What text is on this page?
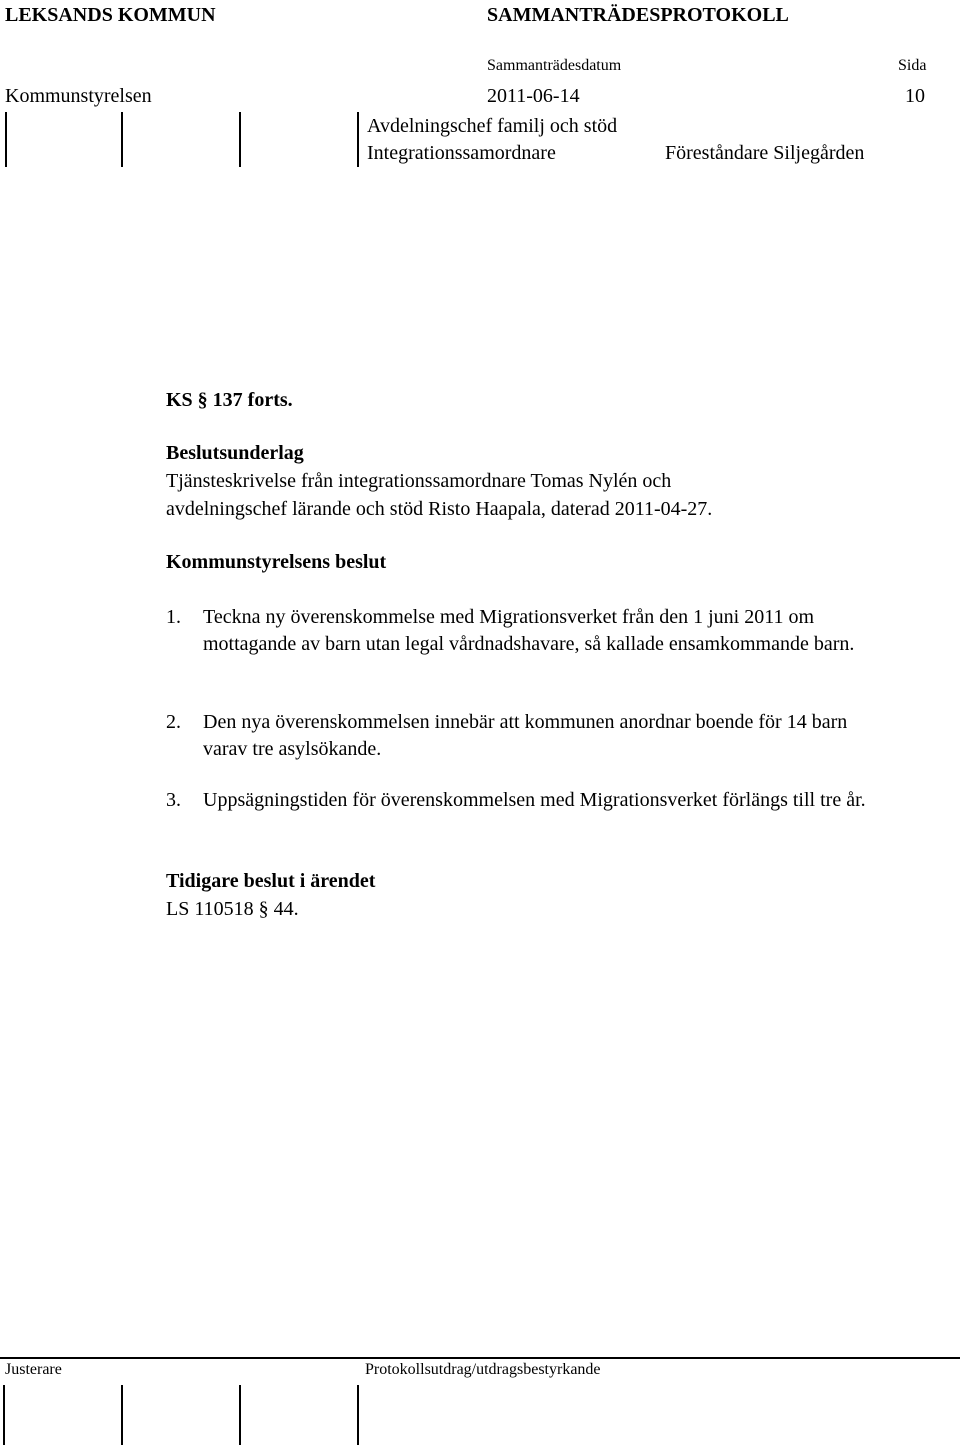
LEKSANDS KOMMUN	SAMMANTRÄDESPROTOKOLL
Sammanträdesdatum	Sida
Kommunstyrelsen	2011-06-14	10
Avdelningschef familj och stöd
Integrationssamordnare	Föreståndare Siljegården
KS § 137 forts.
Beslutsunderlag
Tjänsteskrivelse från integrationssamordnare Tomas Nylén och
avdelningschef lärande och stöd Risto Haapala, daterad 2011-04-27.
Kommunstyrelsens beslut
1. Teckna ny överenskommelse med Migrationsverket från den 1 juni 2011 om mottagande av barn utan legal vårdnadshavare, så kallade ensamkommande barn.
2. Den nya överenskommelsen innebär att kommunen anordnar boende för 14 barn varav tre asylsökande.
3. Uppsägningstiden för överenskommelsen med Migrationsverket förlängs till tre år.
Tidigare beslut i ärendet
LS 110518 § 44.
Justerare	Protokollsutdrag/utdragsbestyrkande
